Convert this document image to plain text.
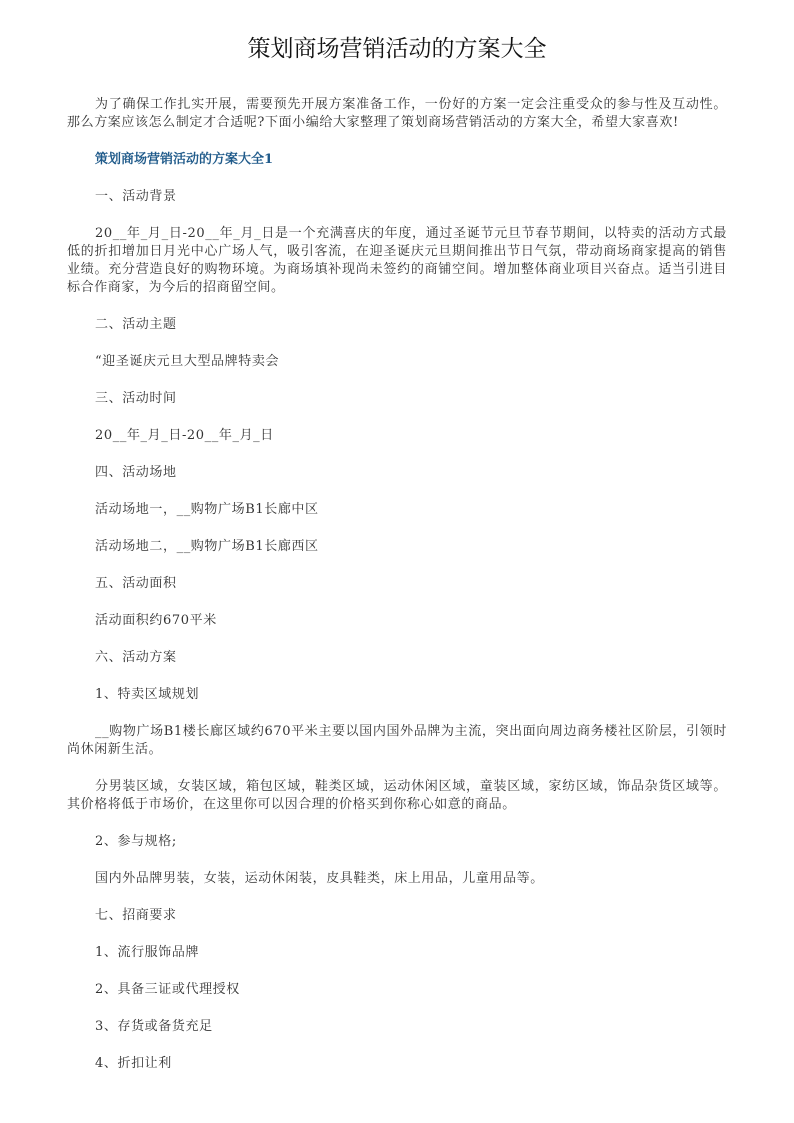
策划商场营销活动的方案大全

为了确保工作扎实开展，需要预先开展方案准备工作，一份好的方案一定会注重受众的参与性及互动性。那么方案应该怎么制定才合适呢?下面小编给大家整理了策划商场营销活动的方案大全，希望大家喜欢!

策划商场营销活动的方案大全1

一、活动背景

20__年_月_日-20__年_月_日是一个充满喜庆的年度，通过圣诞节元旦节春节期间，以特卖的活动方式最低的折扣增加日月光中心广场人气，吸引客流，在迎圣诞庆元旦期间推出节日气氛，带动商场商家提高的销售业绩。充分营造良好的购物环境。为商场填补现尚未签约的商铺空间。增加整体商业项目兴奋点。适当引进目标合作商家，为今后的招商留空间。

二、活动主题

“迎圣诞庆元旦大型品牌特卖会

三、活动时间

20__年_月_日-20__年_月_日

四、活动场地

活动场地一，__购物广场B1长廊中区

活动场地二，__购物广场B1长廊西区

五、活动面积

活动面积约670平米

六、活动方案

1、特卖区域规划

__购物广场B1楼长廊区域约670平米主要以国内国外品牌为主流，突出面向周边商务楼社区阶层，引领时尚休闲新生活。

分男装区域，女装区域，箱包区域，鞋类区域，运动休闲区域，童装区域，家纺区域，饰品杂货区域等。其价格将低于市场价，在这里你可以因合理的价格买到你称心如意的商品。

2、参与规格;

国内外品牌男装，女装，运动休闲装，皮具鞋类，床上用品，儿童用品等。

七、招商要求

1、流行服饰品牌

2、具备三证或代理授权

3、存货或备货充足

4、折扣让利
